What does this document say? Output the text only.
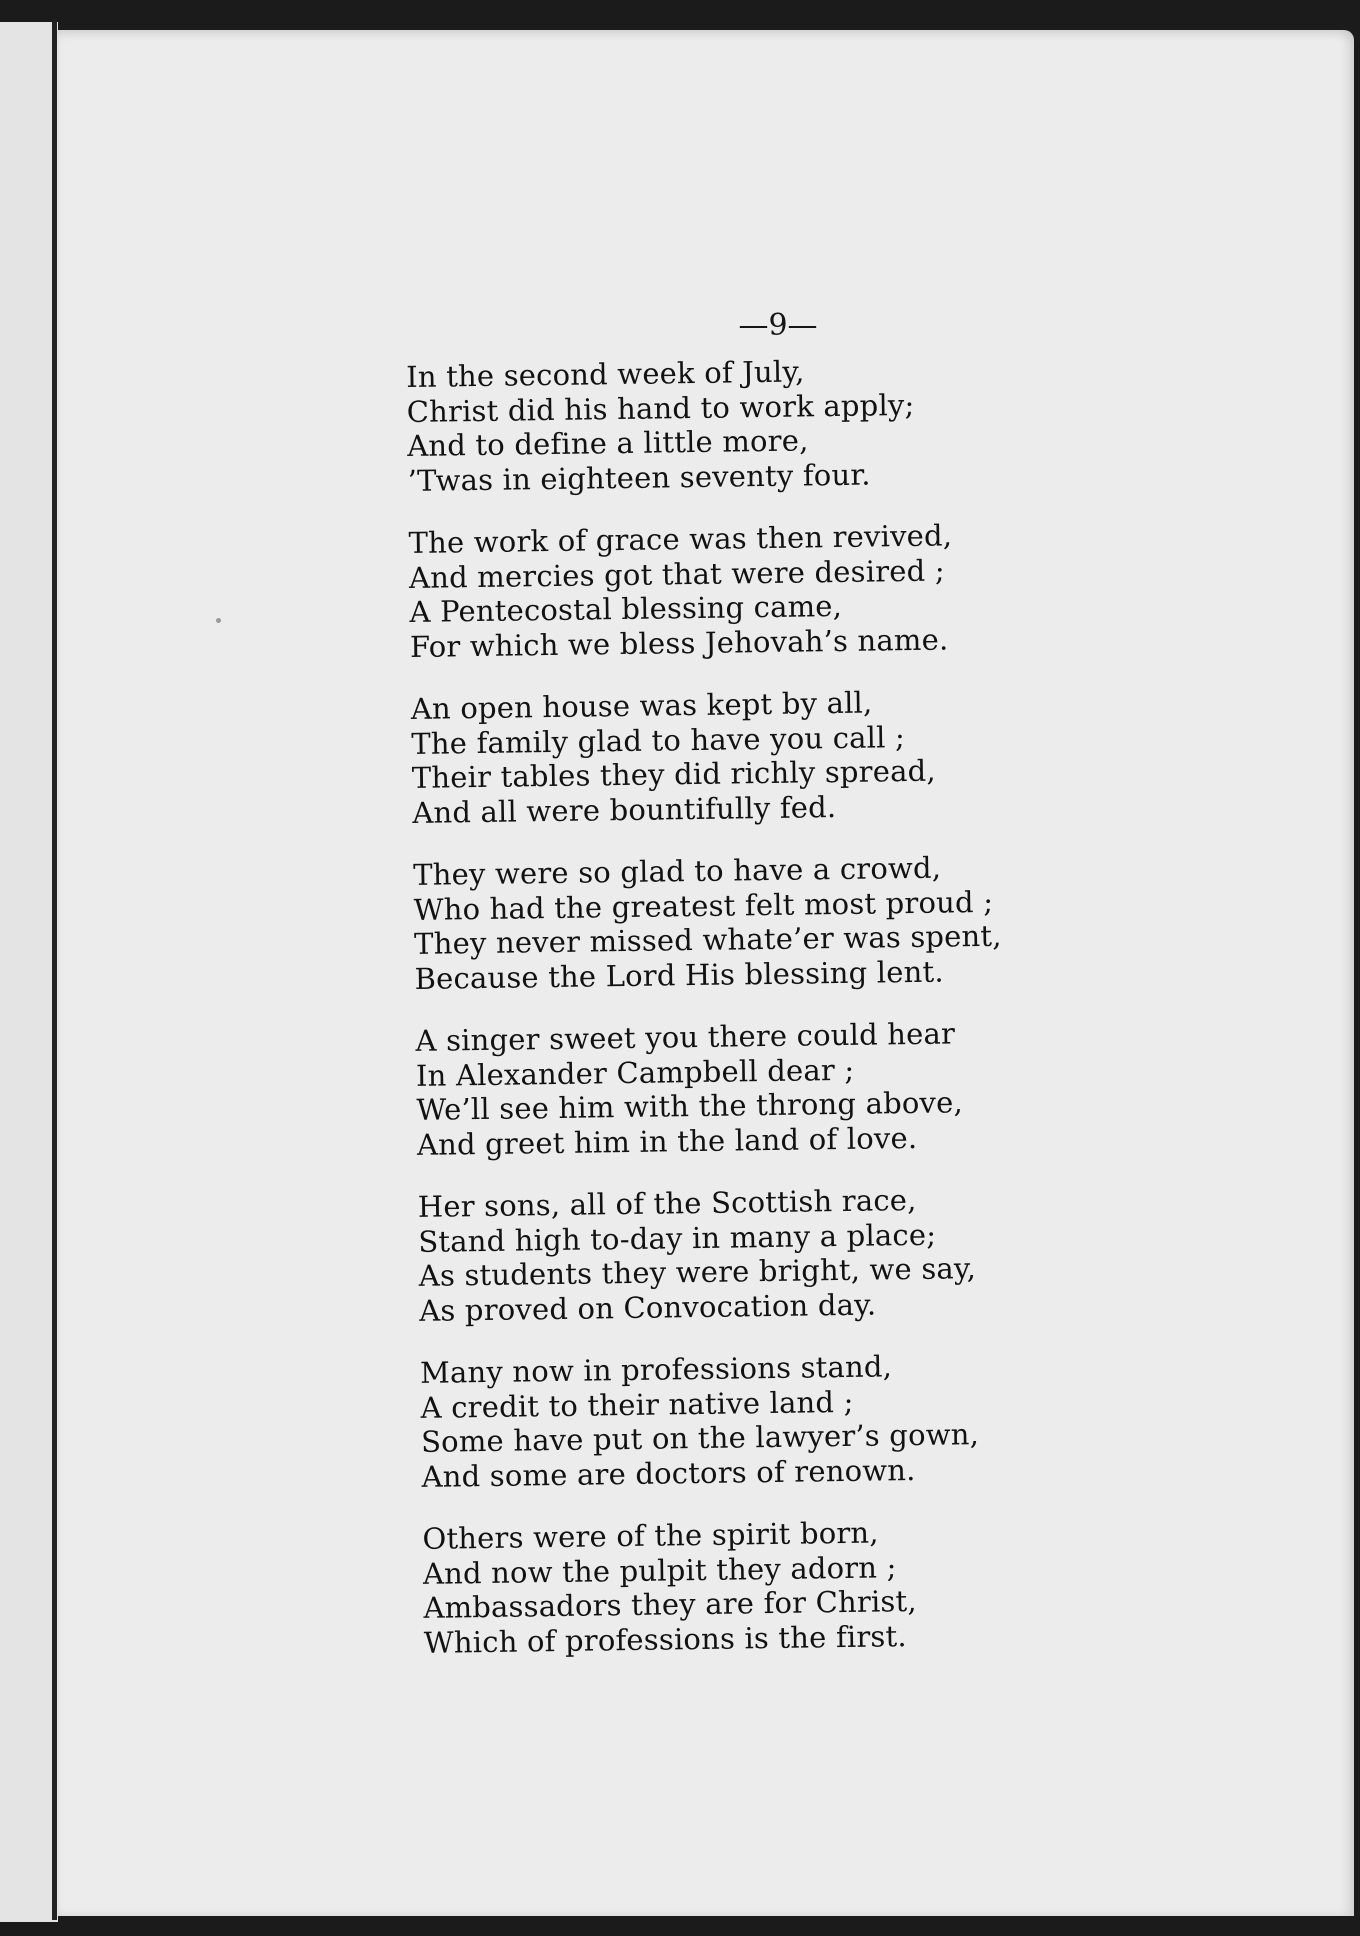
—9—
In the second week of July,
Christ did his hand to work apply;
And to define a little more,
’Twas in eighteen seventy four.
The work of grace was then revived,
And mercies got that were desired ;
A Pentecostal blessing came,
For which we bless Jehovah’s name.
An open house was kept by all,
The family glad to have you call ;
Their tables they did richly spread,
And all were bountifully fed.
They were so glad to have a crowd,
Who had the greatest felt most proud ;
They never missed whate’er was spent,
Because the Lord His blessing lent.
A singer sweet you there could hear
In Alexander Campbell dear ;
We’ll see him with the throng above,
And greet him in the land of love.
Her sons, all of the Scottish race,
Stand high to-day in many a place;
As students they were bright, we say,
As proved on Convocation day.
Many now in professions stand,
A credit to their native land ;
Some have put on the lawyer’s gown,
And some are doctors of renown.
Others were of the spirit born,
And now the pulpit they adorn ;
Ambassadors they are for Christ,
Which of professions is the first.
